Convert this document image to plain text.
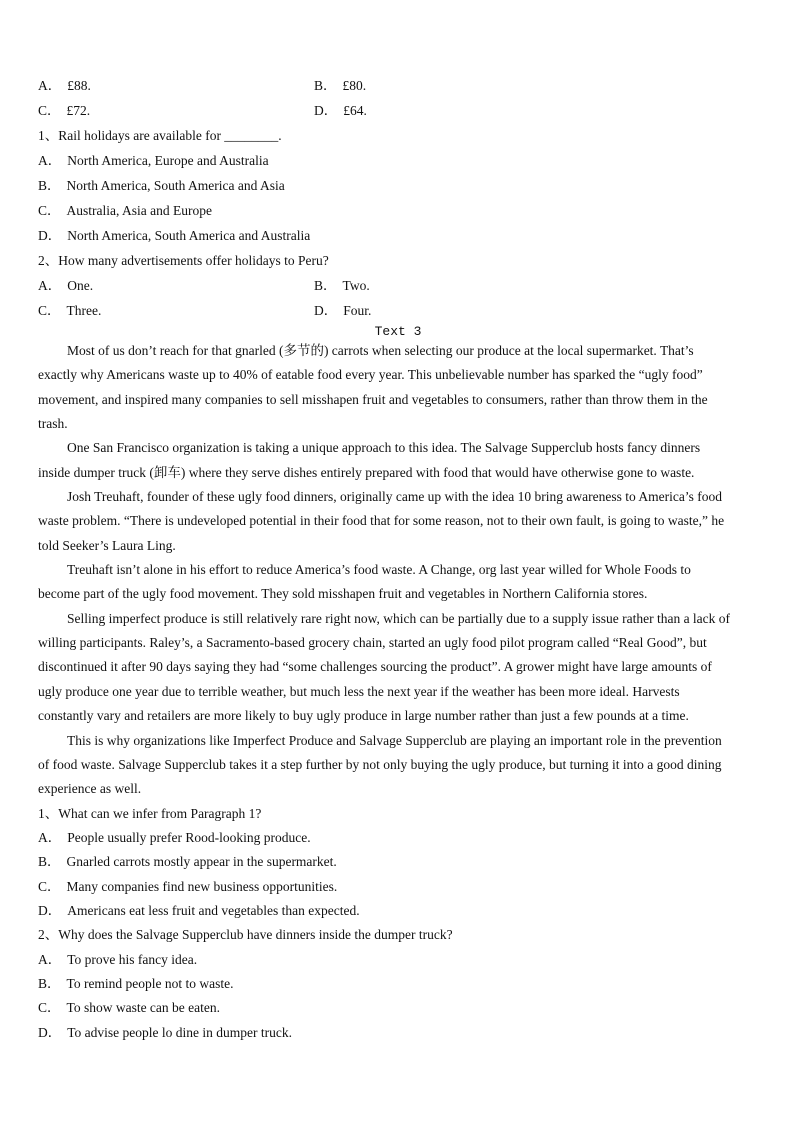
A． £88.	B． £80.
C． £72.	D． £64.
1、Rail holidays are available for ________.
A． North America, Europe and Australia
B． North America, South America and Asia
C． Australia, Asia and Europe
D． North America, South America and Australia
2、How many advertisements offer holidays to Peru?
A． One.	B． Two.
C． Three.	D． Four.
Text 3
Most of us don’t reach for that gnarled (多节的) carrots when selecting our produce at the local supermarket. That’s
exactly why Americans waste up to 40% of eatable food every year. This unbelievable number has sparked the “ugly food”
movement, and inspired many companies to sell misshapen fruit and vegetables to consumers, rather than throw them in the
trash.
One San Francisco organization is taking a unique approach to this idea. The Salvage Supperclub hosts fancy dinners
inside dumper truck (卸车) where they serve dishes entirely prepared with food that would have otherwise gone to waste.
Josh Treuhaft, founder of these ugly food dinners, originally came up with the idea 10 bring awareness to America’s food
waste problem. “There is undeveloped potential in their food that for some reason, not to their own fault, is going to waste,” he
told Seeker’s Laura Ling.
Treuhaft isn’t alone in his effort to reduce America’s food waste. A Change, org last year willed for Whole Foods to
become part of the ugly food movement. They sold misshapen fruit and vegetables in Northern California stores.
Selling imperfect produce is still relatively rare right now, which can be partially due to a supply issue rather than a lack of
willing participants. Raley’s, a Sacramento-based grocery chain, started an ugly food pilot program called “Real Good”, but
discontinued it after 90 days saying they had “some challenges sourcing the product”. A grower might have large amounts of
ugly produce one year due to terrible weather, but much less the next year if the weather has been more ideal. Harvests
constantly vary and retailers are more likely to buy ugly produce in large number rather than just a few pounds at a time.
This is why organizations like Imperfect Produce and Salvage Supperclub are playing an important role in the prevention
of food waste. Salvage Supperclub takes it a step further by not only buying the ugly produce, but turning it into a good dining
experience as well.
1、What can we infer from Paragraph 1?
A． People usually prefer Rood-looking produce.
B． Gnarled carrots mostly appear in the supermarket.
C． Many companies find new business opportunities.
D． Americans eat less fruit and vegetables than expected.
2、Why does the Salvage Supperclub have dinners inside the dumper truck?
A． To prove his fancy idea.
B． To remind people not to waste.
C． To show waste can be eaten.
D． To advise people lo dine in dumper truck.
